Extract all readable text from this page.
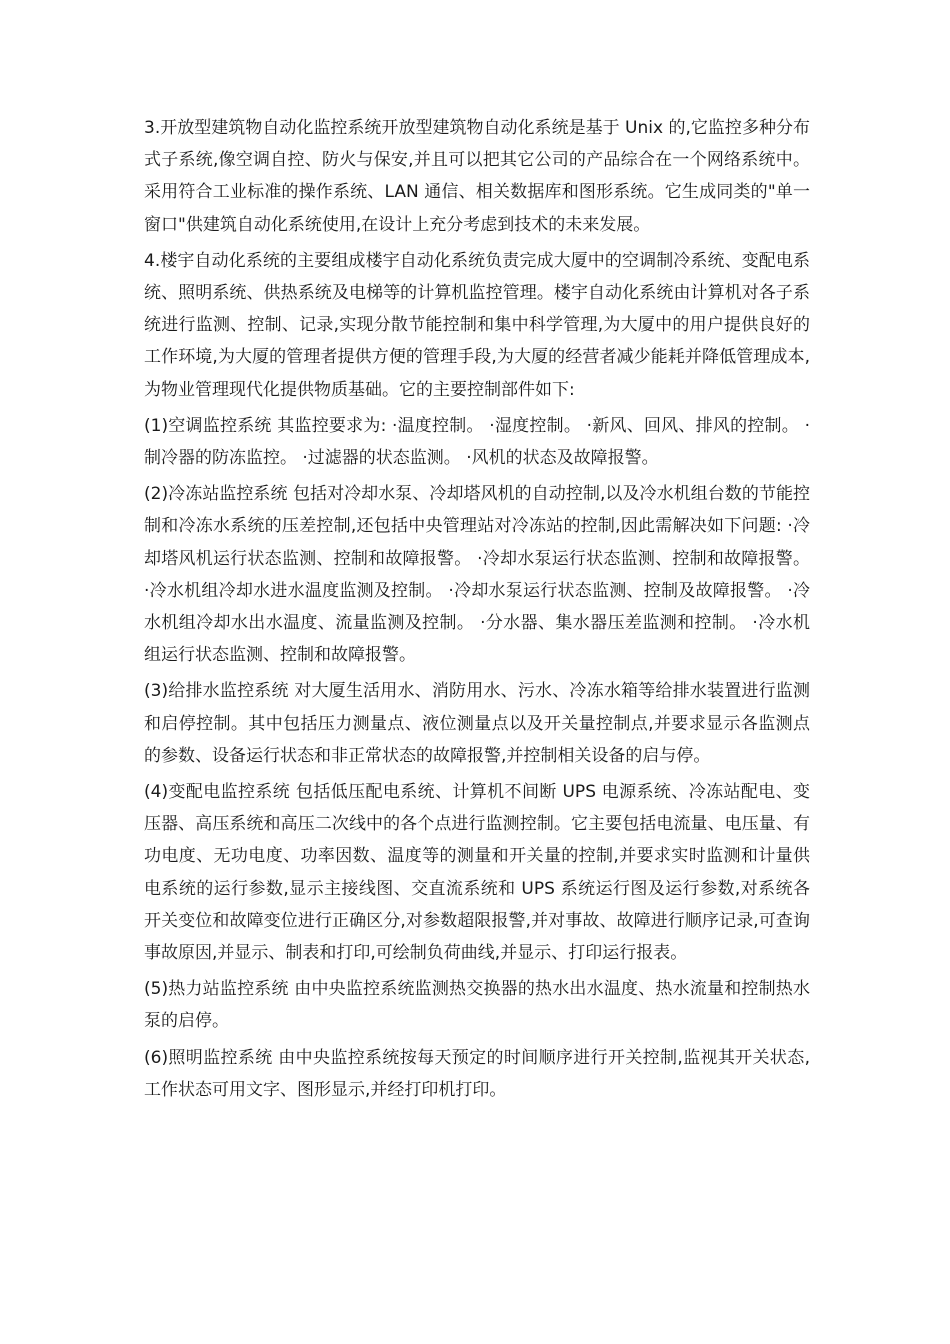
3.开放型建筑物自动化监控系统开放型建筑物自动化系统是基于 Unix 的,它监控多种分布式子系统,像空调自控、防火与保安,并且可以把其它公司的产品综合在一个网络系统中。采用符合工业标准的操作系统、LAN 通信、相关数据库和图形系统。它生成同类的"单一窗口"供建筑自动化系统使用,在设计上充分考虑到技术的未来发展。

4.楼宇自动化系统的主要组成楼宇自动化系统负责完成大厦中的空调制冷系统、变配电系统、照明系统、供热系统及电梯等的计算机监控管理。楼宇自动化系统由计算机对各子系统进行监测、控制、记录,实现分散节能控制和集中科学管理,为大厦中的用户提供良好的工作环境,为大厦的管理者提供方便的管理手段,为大厦的经营者减少能耗并降低管理成本,为物业管理现代化提供物质基础。它的主要控制部件如下:

(1)空调监控系统 其监控要求为: ·温度控制。 ·湿度控制。 ·新风、回风、排风的控制。 ·制冷器的防冻监控。 ·过滤器的状态监测。 ·风机的状态及故障报警。

(2)冷冻站监控系统 包括对冷却水泵、冷却塔风机的自动控制,以及冷水机组台数的节能控制和冷冻水系统的压差控制,还包括中央管理站对冷冻站的控制,因此需解决如下问题: ·冷却塔风机运行状态监测、控制和故障报警。 ·冷却水泵运行状态监测、控制和故障报警。 ·冷水机组冷却水进水温度监测及控制。 ·冷却水泵运行状态监测、控制及故障报警。 ·冷水机组冷却水出水温度、流量监测及控制。 ·分水器、集水器压差监测和控制。 ·冷水机组运行状态监测、控制和故障报警。

(3)给排水监控系统 对大厦生活用水、消防用水、污水、冷冻水箱等给排水装置进行监测和启停控制。其中包括压力测量点、液位测量点以及开关量控制点,并要求显示各监测点的参数、设备运行状态和非正常状态的故障报警,并控制相关设备的启与停。

(4)变配电监控系统 包括低压配电系统、计算机不间断 UPS 电源系统、冷冻站配电、变压器、高压系统和高压二次线中的各个点进行监测控制。它主要包括电流量、电压量、有功电度、无功电度、功率因数、温度等的测量和开关量的控制,并要求实时监测和计量供电系统的运行参数,显示主接线图、交直流系统和 UPS 系统运行图及运行参数,对系统各开关变位和故障变位进行正确区分,对参数超限报警,并对事故、故障进行顺序记录,可查询事故原因,并显示、制表和打印,可绘制负荷曲线,并显示、打印运行报表。

(5)热力站监控系统 由中央监控系统监测热交换器的热水出水温度、热水流量和控制热水泵的启停。

(6)照明监控系统 由中央监控系统按每天预定的时间顺序进行开关控制,监视其开关状态,工作状态可用文字、图形显示,并经打印机打印。
